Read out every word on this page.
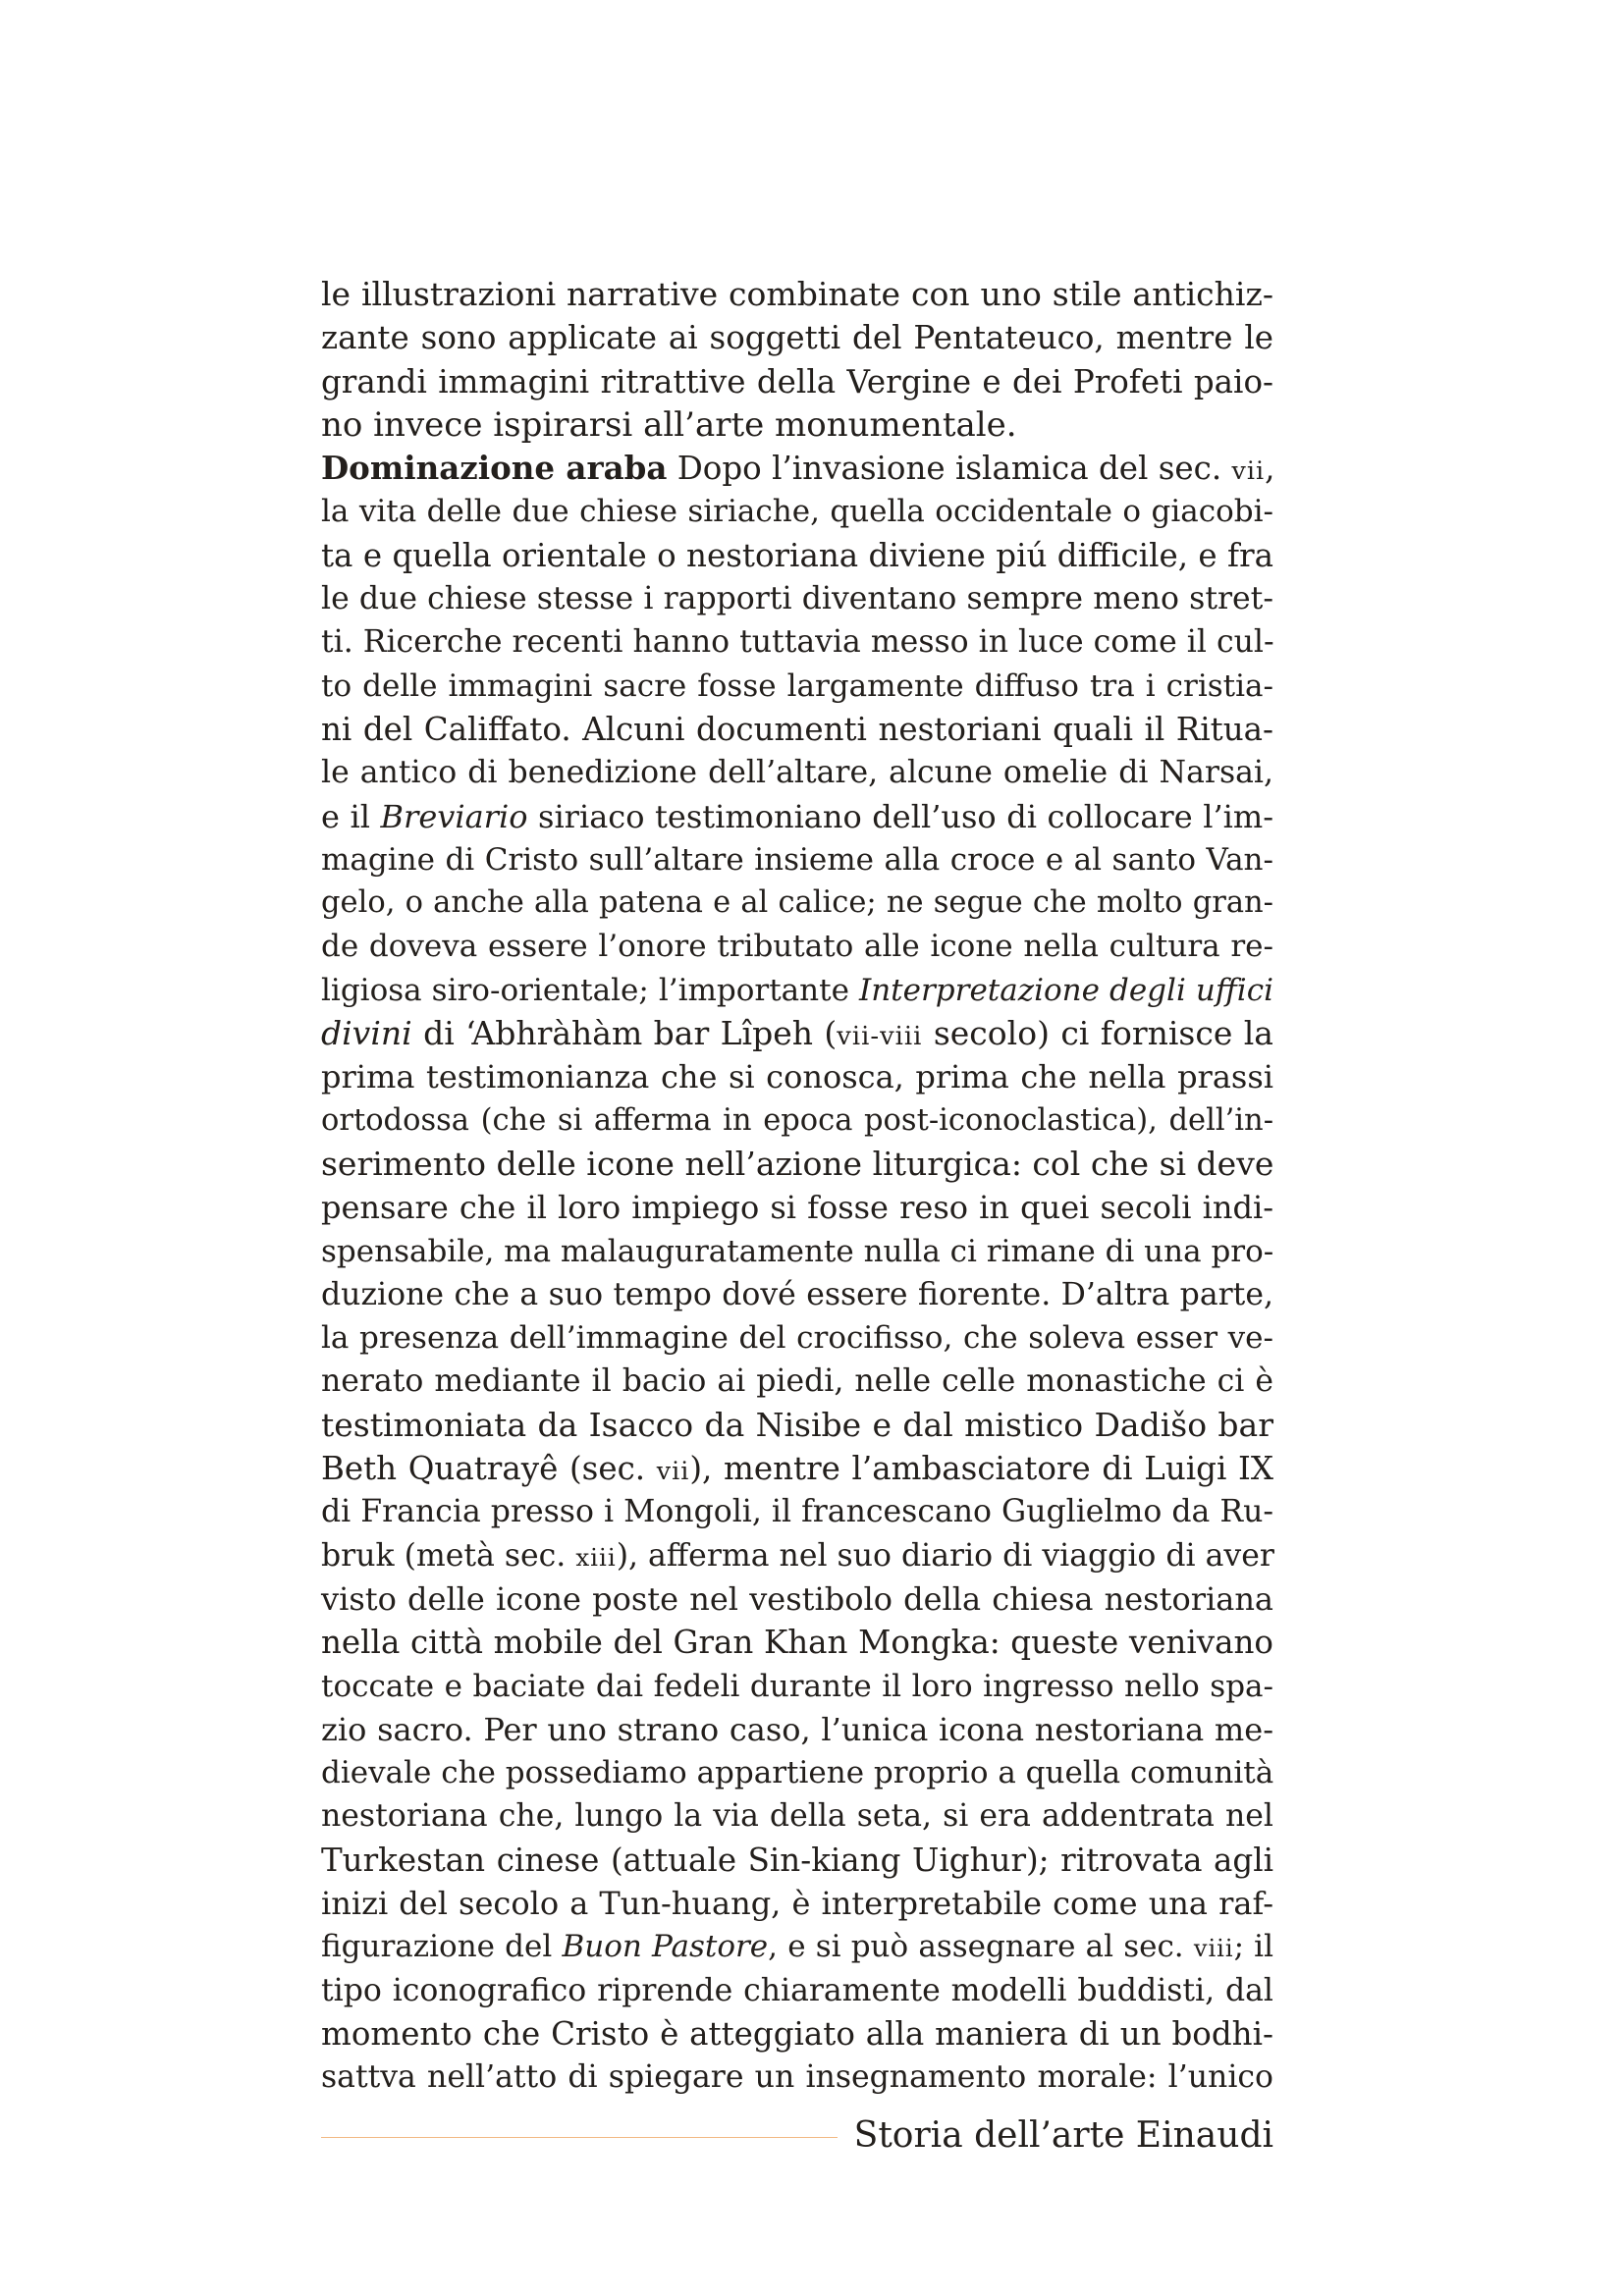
le illustrazioni narrative combinate con uno stile antichiz-
zante sono applicate ai soggetti del Pentateuco, mentre le
grandi immagini ritrattive della Vergine e dei Profeti paio-
no invece ispirarsi all’arte monumentale.
Dominazione araba Dopo l’invasione islamica del sec. vii,
la vita delle due chiese siriache, quella occidentale o giacobi-
ta e quella orientale o nestoriana diviene piú difficile, e fra
le due chiese stesse i rapporti diventano sempre meno stret-
ti. Ricerche recenti hanno tuttavia messo in luce come il cul-
to delle immagini sacre fosse largamente diffuso tra i cristia-
ni del Califfato. Alcuni documenti nestoriani quali il Ritua-
le antico di benedizione dell’altare, alcune omelie di Narsai,
e il Breviario siriaco testimoniano dell’uso di collocare l’im-
magine di Cristo sull’altare insieme alla croce e al santo Van-
gelo, o anche alla patena e al calice; ne segue che molto gran-
de doveva essere l’onore tributato alle icone nella cultura re-
ligiosa siro-orientale; l’importante Interpretazione degli uffici
divini di ‘Abhràhàm bar Lîpeh (vii-viii secolo) ci fornisce la
prima testimonianza che si conosca, prima che nella prassi
ortodossa (che si afferma in epoca post-iconoclastica), dell’in-
serimento delle icone nell’azione liturgica: col che si deve
pensare che il loro impiego si fosse reso in quei secoli indi-
spensabile, ma malauguratamente nulla ci rimane di una pro-
duzione che a suo tempo dové essere fiorente. D’altra parte,
la presenza dell’immagine del crocifisso, che soleva esser ve-
nerato mediante il bacio ai piedi, nelle celle monastiche ci è
testimoniata da Isacco da Nisibe e dal mistico Dadišo bar
Beth Quatrayê (sec. vii), mentre l’ambasciatore di Luigi IX
di Francia presso i Mongoli, il francescano Guglielmo da Ru-
bruk (metà sec. xiii), afferma nel suo diario di viaggio di aver
visto delle icone poste nel vestibolo della chiesa nestoriana
nella città mobile del Gran Khan Mongka: queste venivano
toccate e baciate dai fedeli durante il loro ingresso nello spa-
zio sacro. Per uno strano caso, l’unica icona nestoriana me-
dievale che possediamo appartiene proprio a quella comunità
nestoriana che, lungo la via della seta, si era addentrata nel
Turkestan cinese (attuale Sin-kiang Uighur); ritrovata agli
inizi del secolo a Tun-huang, è interpretabile come una raf-
figurazione del Buon Pastore, e si può assegnare al sec. viii; il
tipo iconografico riprende chiaramente modelli buddisti, dal
momento che Cristo è atteggiato alla maniera di un bodhi-
sattva nell’atto di spiegare un insegnamento morale: l’unico
Storia dell’arte Einaudi
